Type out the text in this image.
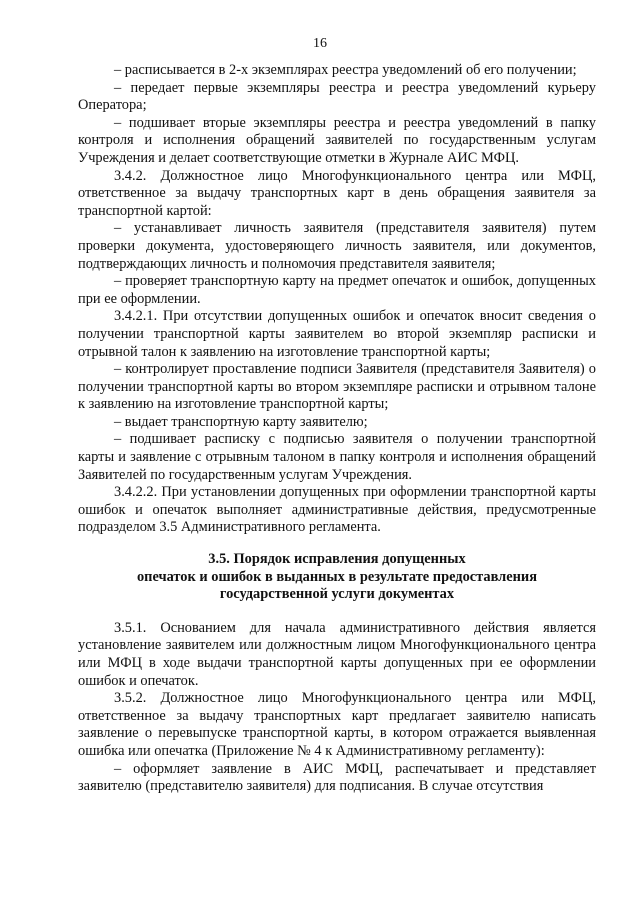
16

– расписывается в 2-х экземплярах реестра уведомлений об его получении;

– передает первые экземпляры реестра и реестра уведомлений курьеру Оператора;

– подшивает вторые экземпляры реестра и реестра уведомлений в папку контроля и исполнения обращений заявителей по государственным услугам Учреждения и делает соответствующие отметки в Журнале АИС МФЦ.

3.4.2. Должностное лицо Многофункционального центра или МФЦ, ответственное за выдачу транспортных карт в день обращения заявителя за транспортной картой:

– устанавливает личность заявителя (представителя заявителя) путем проверки документа, удостоверяющего личность заявителя, или документов, подтверждающих личность и полномочия представителя заявителя;

– проверяет транспортную карту на предмет опечаток и ошибок, допущенных при ее оформлении.

3.4.2.1. При отсутствии допущенных ошибок и опечаток вносит сведения о получении транспортной карты заявителем во второй экземпляр расписки и отрывной талон к заявлению на изготовление транспортной карты;

– контролирует проставление подписи Заявителя (представителя Заявителя) о получении транспортной карты во втором экземпляре расписки и отрывном талоне к заявлению на изготовление транспортной карты;

– выдает транспортную карту заявителю;

– подшивает расписку с подписью заявителя о получении транспортной карты и заявление с отрывным талоном в папку контроля и исполнения обращений Заявителей по государственным услугам Учреждения.

3.4.2.2. При установлении допущенных при оформлении транспортной карты ошибок и опечаток выполняет административные действия, предусмотренные подразделом 3.5 Административного регламента.

3.5. Порядок исправления допущенных
опечаток и ошибок в выданных в результате предоставления
государственной услуги документах

3.5.1. Основанием для начала административного действия является установление заявителем или должностным лицом Многофункционального центра или МФЦ в ходе выдачи транспортной карты допущенных при ее оформлении ошибок и опечаток.

3.5.2. Должностное лицо Многофункционального центра или МФЦ, ответственное за выдачу транспортных карт предлагает заявителю написать заявление о перевыпуске транспортной карты, в котором отражается выявленная ошибка или опечатка (Приложение № 4 к Административному регламенту):

– оформляет заявление в АИС МФЦ, распечатывает и представляет заявителю (представителю заявителя) для подписания. В случае отсутствия
